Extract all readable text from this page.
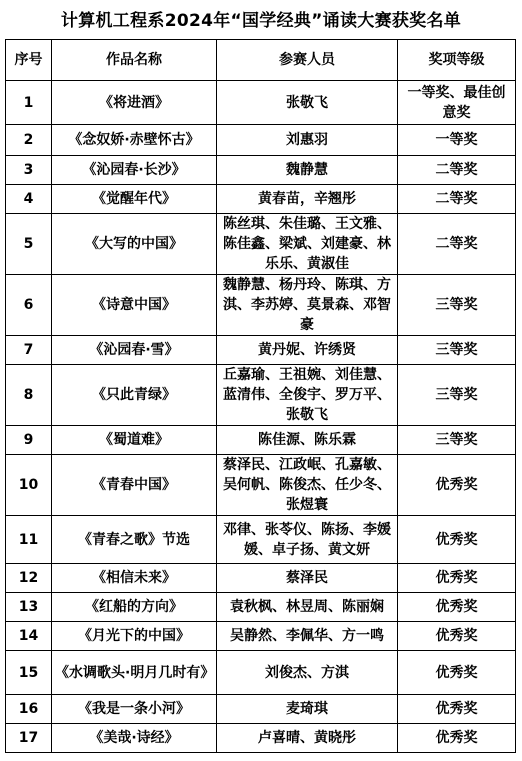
计算机工程系2024年“国学经典”诵读大赛获奖名单
序号	作品名称	参赛人员	奖项等级
1	《将进酒》	张敬飞	一等奖、最佳创意奖
2	《念奴娇·赤壁怀古》	刘惠羽	一等奖
3	《沁园春·长沙》	魏静慧	二等奖
4	《觉醒年代》	黄春苗，辛翘彤	二等奖
5	《大写的中国》	陈丝琪、朱佳璐、王文雅、陈佳鑫、梁斌、刘建豪、林乐乐、黄淑佳	二等奖
6	《诗意中国》	魏静慧、杨丹玲、陈琪、方淇、李苏婷、莫景森、邓智豪	三等奖
7	《沁园春·雪》	黄丹妮、许绣贤	三等奖
8	《只此青绿》	丘嘉瑜、王祖婉、刘佳慧、蓝清伟、全俊宇、罗万平、张敬飞	三等奖
9	《蜀道难》	陈佳源、陈乐霖	三等奖
10	《青春中国》	蔡泽民、江政岷、孔嘉敏、吴何帆、陈俊杰、任少冬、张煜寰	优秀奖
11	《青春之歌》节选	邓律、张苓仪、陈扬、李媛媛、卓子扬、黄文妍	优秀奖
12	《相信未来》	蔡泽民	优秀奖
13	《红船的方向》	袁秋枫、林昱周、陈丽娴	优秀奖
14	《月光下的中国》	吴静然、李佩华、方一鸣	优秀奖
15	《水调歌头·明月几时有》	刘俊杰、方淇	优秀奖
16	《我是一条小河》	麦琦琪	优秀奖
17	《美哉·诗经》	卢喜晴、黄晓彤	优秀奖
